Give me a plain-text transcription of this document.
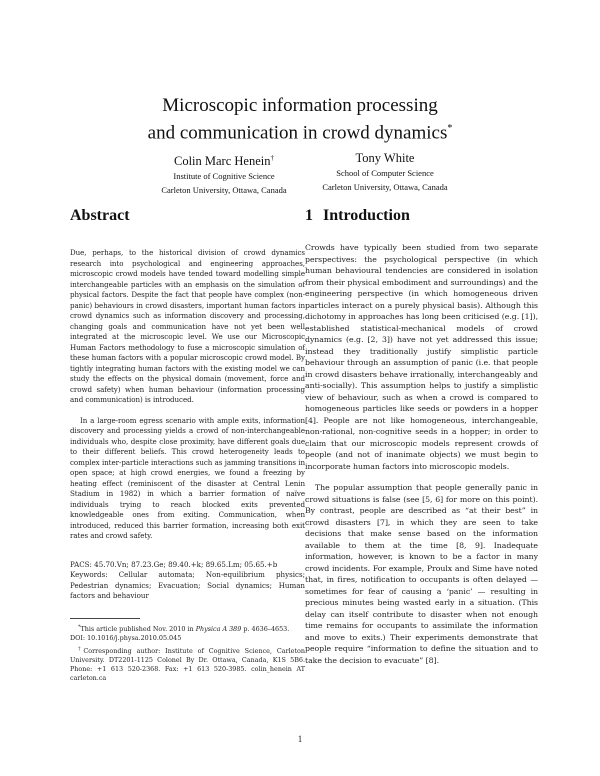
Microscopic information processing
and communication in crowd dynamics*
Colin Marc Henein†
Institute of Cognitive Science
Carleton University, Ottawa, Canada
Tony White
School of Computer Science
Carleton University, Ottawa, Canada
Abstract

Due, perhaps, to the historical division of crowd dynamics research into psychological and engineering approaches, microscopic crowd models have tended toward modelling simple interchangeable particles with an emphasis on the simulation of physical factors. Despite the fact that people have complex (non-panic) behaviours in crowd disasters, important human factors in crowd dynamics such as information discovery and processing, changing goals and communication have not yet been well integrated at the microscopic level. We use our Microscopic Human Factors methodology to fuse a microscopic simulation of these human factors with a popular microscopic crowd model. By tightly integrating human factors with the existing model we can study the effects on the physical domain (movement, force and crowd safety) when human behaviour (information processing and communication) is introduced.

In a large-room egress scenario with ample exits, information discovery and processing yields a crowd of non-interchangeable individuals who, despite close proximity, have different goals due to their different beliefs. This crowd heterogeneity leads to complex inter-particle interactions such as jamming transitions in open space; at high crowd energies, we found a freezing by heating effect (reminiscent of the disaster at Central Lenin Stadium in 1982) in which a barrier formation of naïve individuals trying to reach blocked exits prevented knowledgeable ones from exiting. Communication, when introduced, reduced this barrier formation, increasing both exit rates and crowd safety.

PACS: 45.70.Vn; 87.23.Ge; 89.40.+k; 89.65.Lm; 05.65.+b

Keywords: Cellular automata; Non-equilibrium physics; Pedestrian dynamics; Evacuation; Social dynamics; Human factors and behaviour

*This article published Nov. 2010 in Physica A 389 p. 4636–4653.

DOI: 10.1016/j.physa.2010.05.045

†Corresponding author: Institute of Cognitive Science, Carleton University. DT2201-1125 Colonel By Dr. Ottawa, Canada, K1S 5B6. Phone: +1 613 520-2368. Fax: +1 613 520-3985. colin_henein AT carleton.ca

1 Introduction

Crowds have typically been studied from two separate perspectives: the psychological perspective (in which human behavioural tendencies are considered in isolation from their physical embodiment and surroundings) and the engineering perspective (in which homogeneous driven particles interact on a purely physical basis). Although this dichotomy in approaches has long been criticised (e.g. [1]), established statistical-mechanical models of crowd dynamics (e.g. [2, 3]) have not yet addressed this issue; instead they traditionally justify simplistic particle behaviour through an assumption of panic (i.e. that people in crowd disasters behave irrationally, interchangeably and anti-socially). This assumption helps to justify a simplistic view of behaviour, such as when a crowd is compared to homogeneous particles like seeds or powders in a hopper [4]. People are not like homogeneous, interchangeable, non-rational, non-cognitive seeds in a hopper; in order to claim that our microscopic models represent crowds of people (and not of inanimate objects) we must begin to incorporate human factors into microscopic models.

The popular assumption that people generally panic in crowd situations is false (see [5, 6] for more on this point). By contrast, people are described as “at their best” in crowd disasters [7], in which they are seen to take decisions that make sense based on the information available to them at the time [8, 9]. Inadequate information, however, is known to be a factor in many crowd incidents. For example, Proulx and Sime have noted that, in fires, notification to occupants is often delayed — sometimes for fear of causing a ‘panic’ — resulting in precious minutes being wasted early in a situation. (This delay can itself contribute to disaster when not enough time remains for occupants to assimilate the information and move to exits.) Their experiments demonstrate that people require “information to define the situation and to take the decision to evacuate” [8].

1
